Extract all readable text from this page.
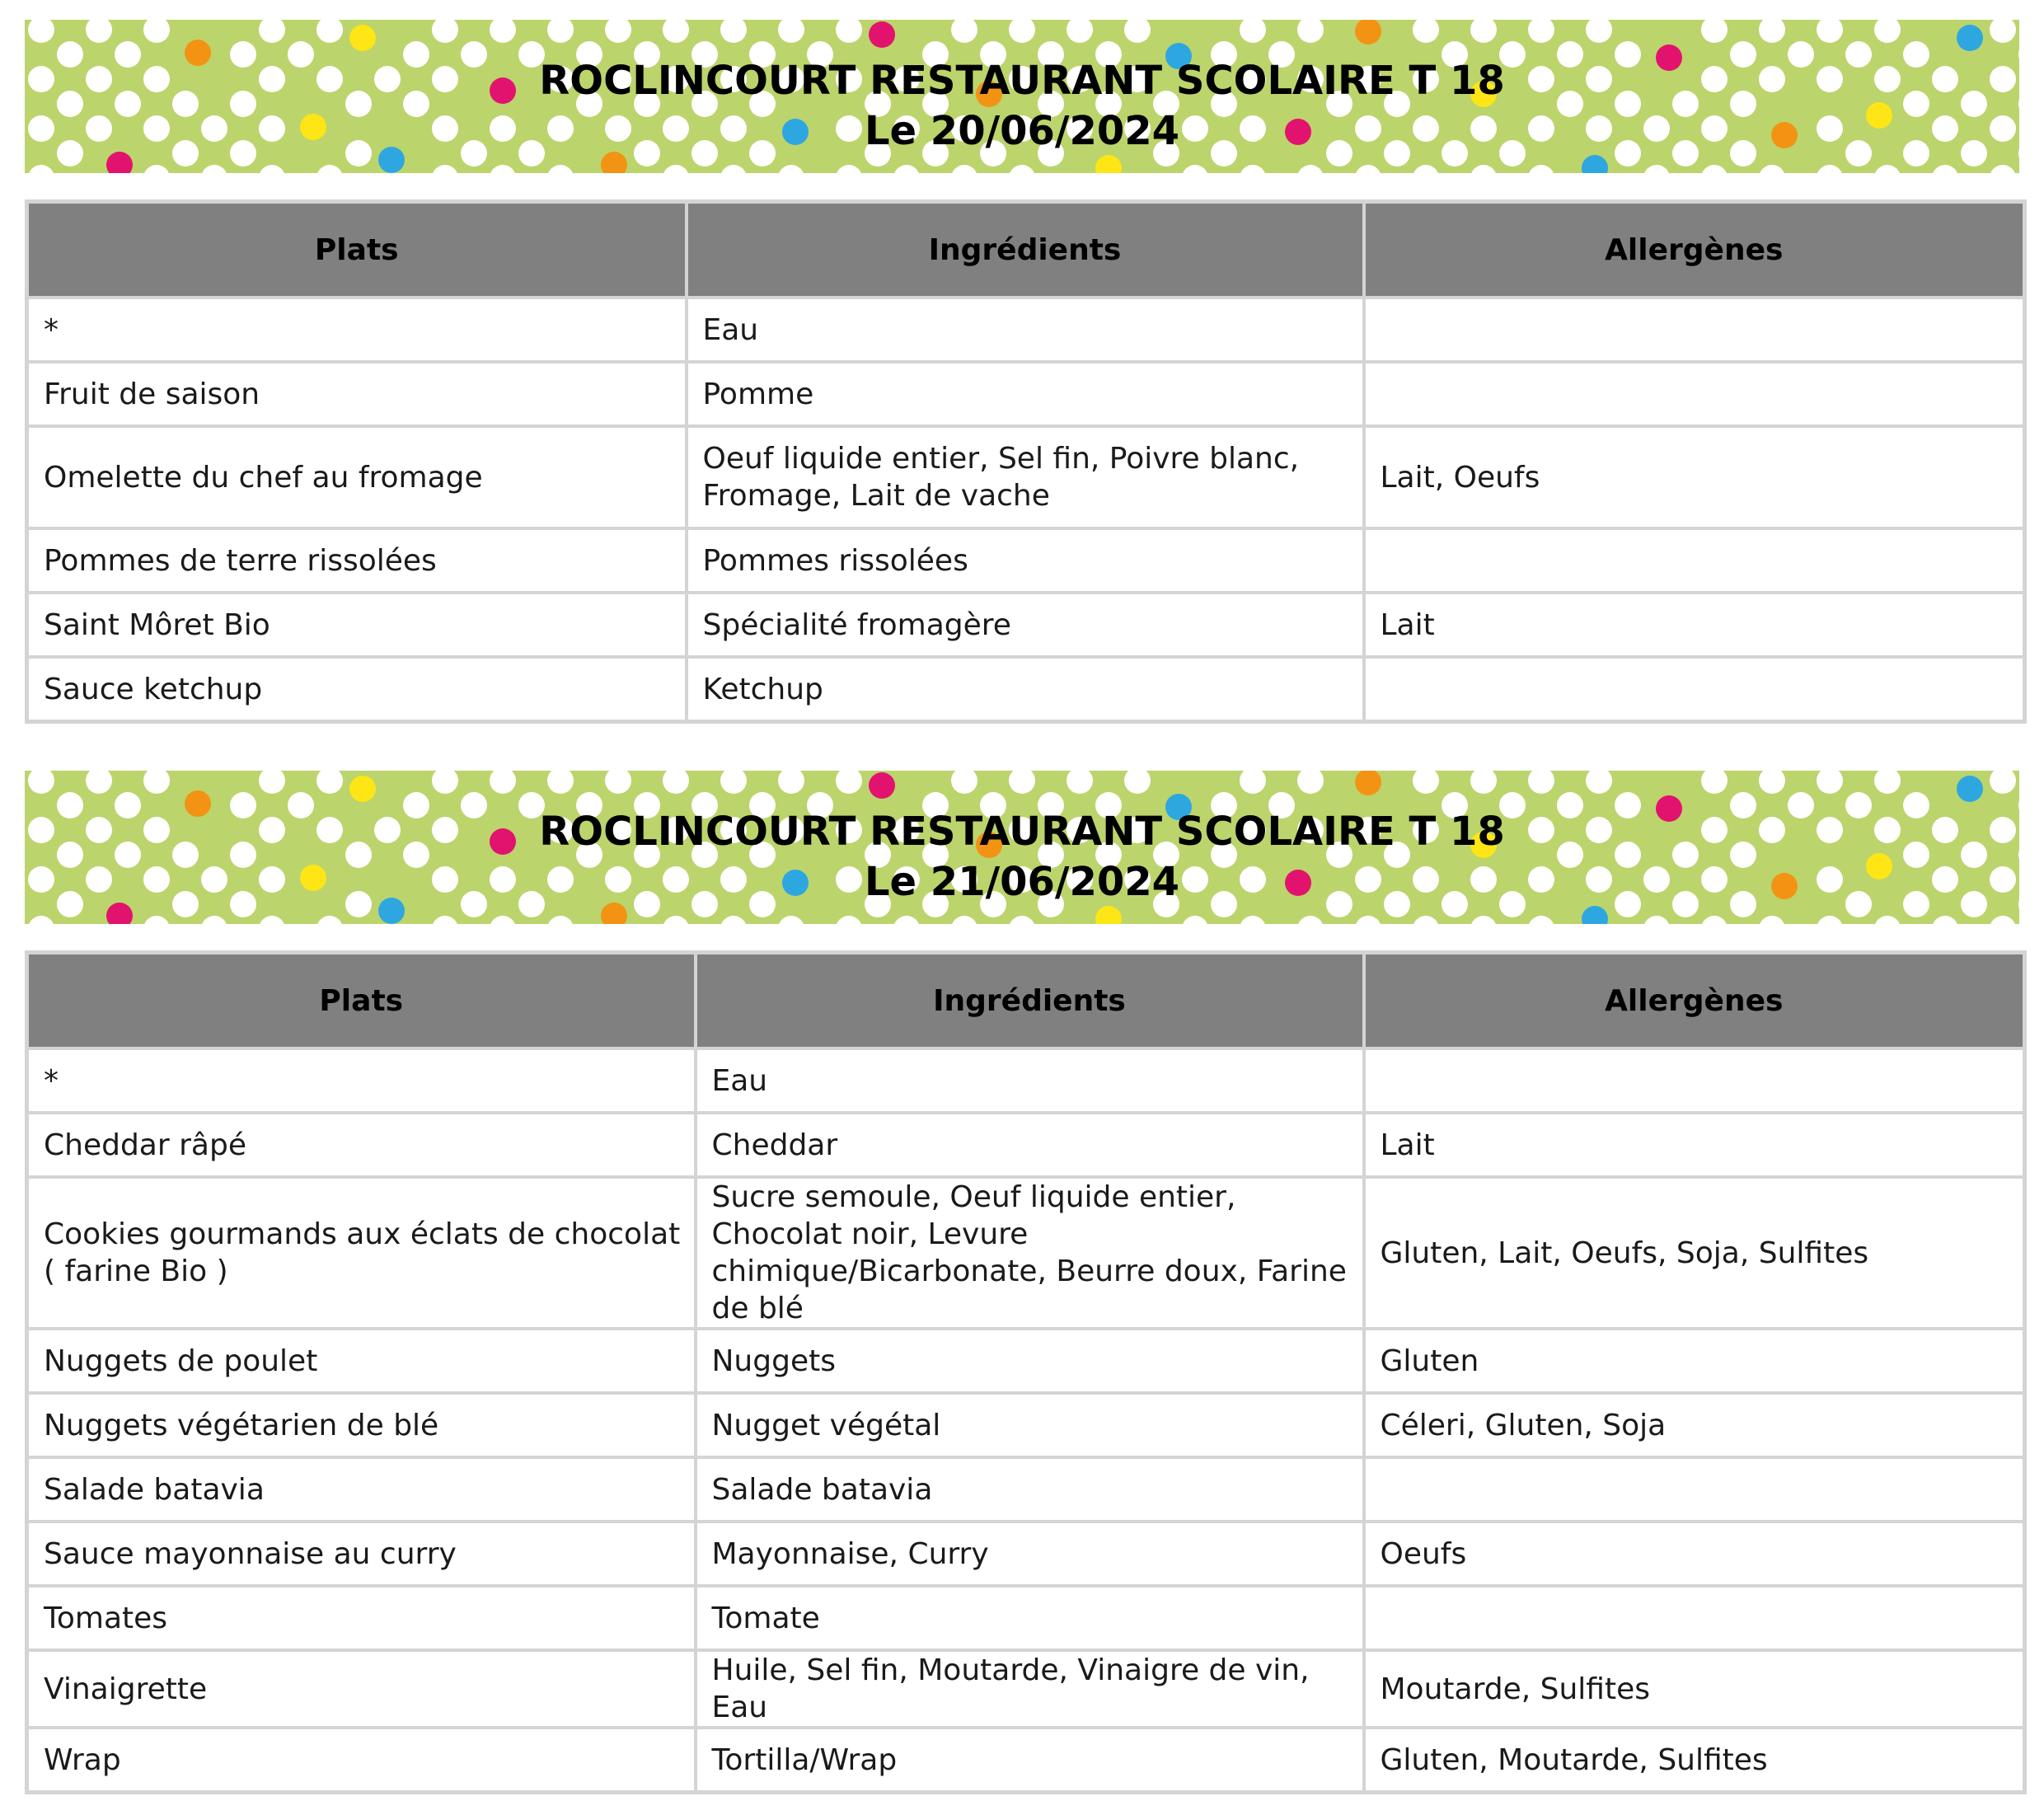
ROCLINCOURT RESTAURANT SCOLAIRE T 18
Le 20/06/2024
Plats	Ingrédients	Allergènes
*	Eau	
Fruit de saison	Pomme	
Omelette du chef au fromage	Oeuf liquide entier, Sel fin, Poivre blanc, Fromage, Lait de vache	Lait, Oeufs
Pommes de terre rissolées	Pommes rissolées	
Saint Môret Bio	Spécialité fromagère	Lait
Sauce ketchup	Ketchup	
ROCLINCOURT RESTAURANT SCOLAIRE T 18
Le 21/06/2024
Plats	Ingrédients	Allergènes
*	Eau	
Cheddar râpé	Cheddar	Lait
Cookies gourmands aux éclats de chocolat ( farine Bio )	Sucre semoule, Oeuf liquide entier, Chocolat noir, Levure chimique/Bicarbonate, Beurre doux, Farine de blé	Gluten, Lait, Oeufs, Soja, Sulfites
Nuggets de poulet	Nuggets	Gluten
Nuggets végétarien de blé	Nugget végétal	Céleri, Gluten, Soja
Salade batavia	Salade batavia	
Sauce mayonnaise au curry	Mayonnaise, Curry	Oeufs
Tomates	Tomate	
Vinaigrette	Huile, Sel fin, Moutarde, Vinaigre de vin, Eau	Moutarde, Sulfites
Wrap	Tortilla/Wrap	Gluten, Moutarde, Sulfites
